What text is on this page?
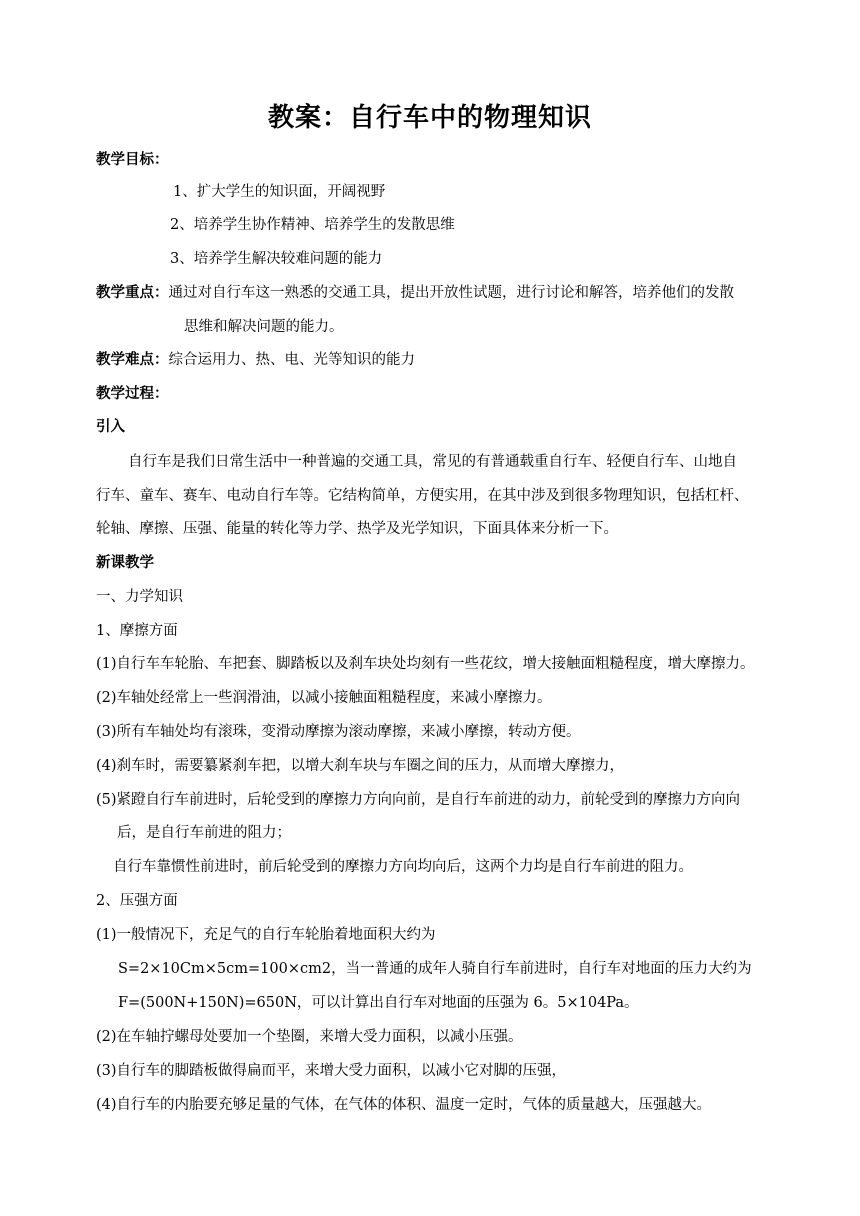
教案：自行车中的物理知识
教学目标：
1、扩大学生的知识面，开阔视野
2、培养学生协作精神、培养学生的发散思维
3、培养学生解决较难问题的能力
教学重点：通过对自行车这一熟悉的交通工具，提出开放性试题，进行讨论和解答，培养他们的发散
思维和解决问题的能力。
教学难点：综合运用力、热、电、光等知识的能力
教学过程：
引入
自行车是我们日常生活中一种普遍的交通工具，常见的有普通载重自行车、轻便自行车、山地自
行车、童车、赛车、电动自行车等。它结构简单，方便实用，在其中涉及到很多物理知识，包括杠杆、
轮轴、摩擦、压强、能量的转化等力学、热学及光学知识，下面具体来分析一下。
新课教学
一、力学知识
1、摩擦方面
(1)自行车车轮胎、车把套、脚踏板以及刹车块处均刻有一些花纹，增大接触面粗糙程度，增大摩擦力。
(2)车轴处经常上一些润滑油，以减小接触面粗糙程度，来减小摩擦力。
(3)所有车轴处均有滚珠，变滑动摩擦为滚动摩擦，来减小摩擦，转动方便。
(4)刹车时，需要纂紧刹车把，以增大刹车块与车圈之间的压力，从而增大摩擦力，
(5)紧蹬自行车前进时，后轮受到的摩擦力方向向前，是自行车前进的动力，前轮受到的摩擦力方向向
后，是自行车前进的阻力；
自行车靠惯性前进时，前后轮受到的摩擦力方向均向后，这两个力均是自行车前进的阻力。
2、压强方面
(1)一般情况下，充足气的自行车轮胎着地面积大约为
S=2×10Cm×5cm=100×cm2，当一普通的成年人骑自行车前进时，自行车对地面的压力大约为
F=(500N+150N)=650N，可以计算出自行车对地面的压强为 6。5×104Pa。
(2)在车轴拧螺母处要加一个垫圈，来增大受力面积，以减小压强。
(3)自行车的脚踏板做得扁而平，来增大受力面积，以减小它对脚的压强，
(4)自行车的内胎要充够足量的气体，在气体的体积、温度一定时，气体的质量越大，压强越大。
